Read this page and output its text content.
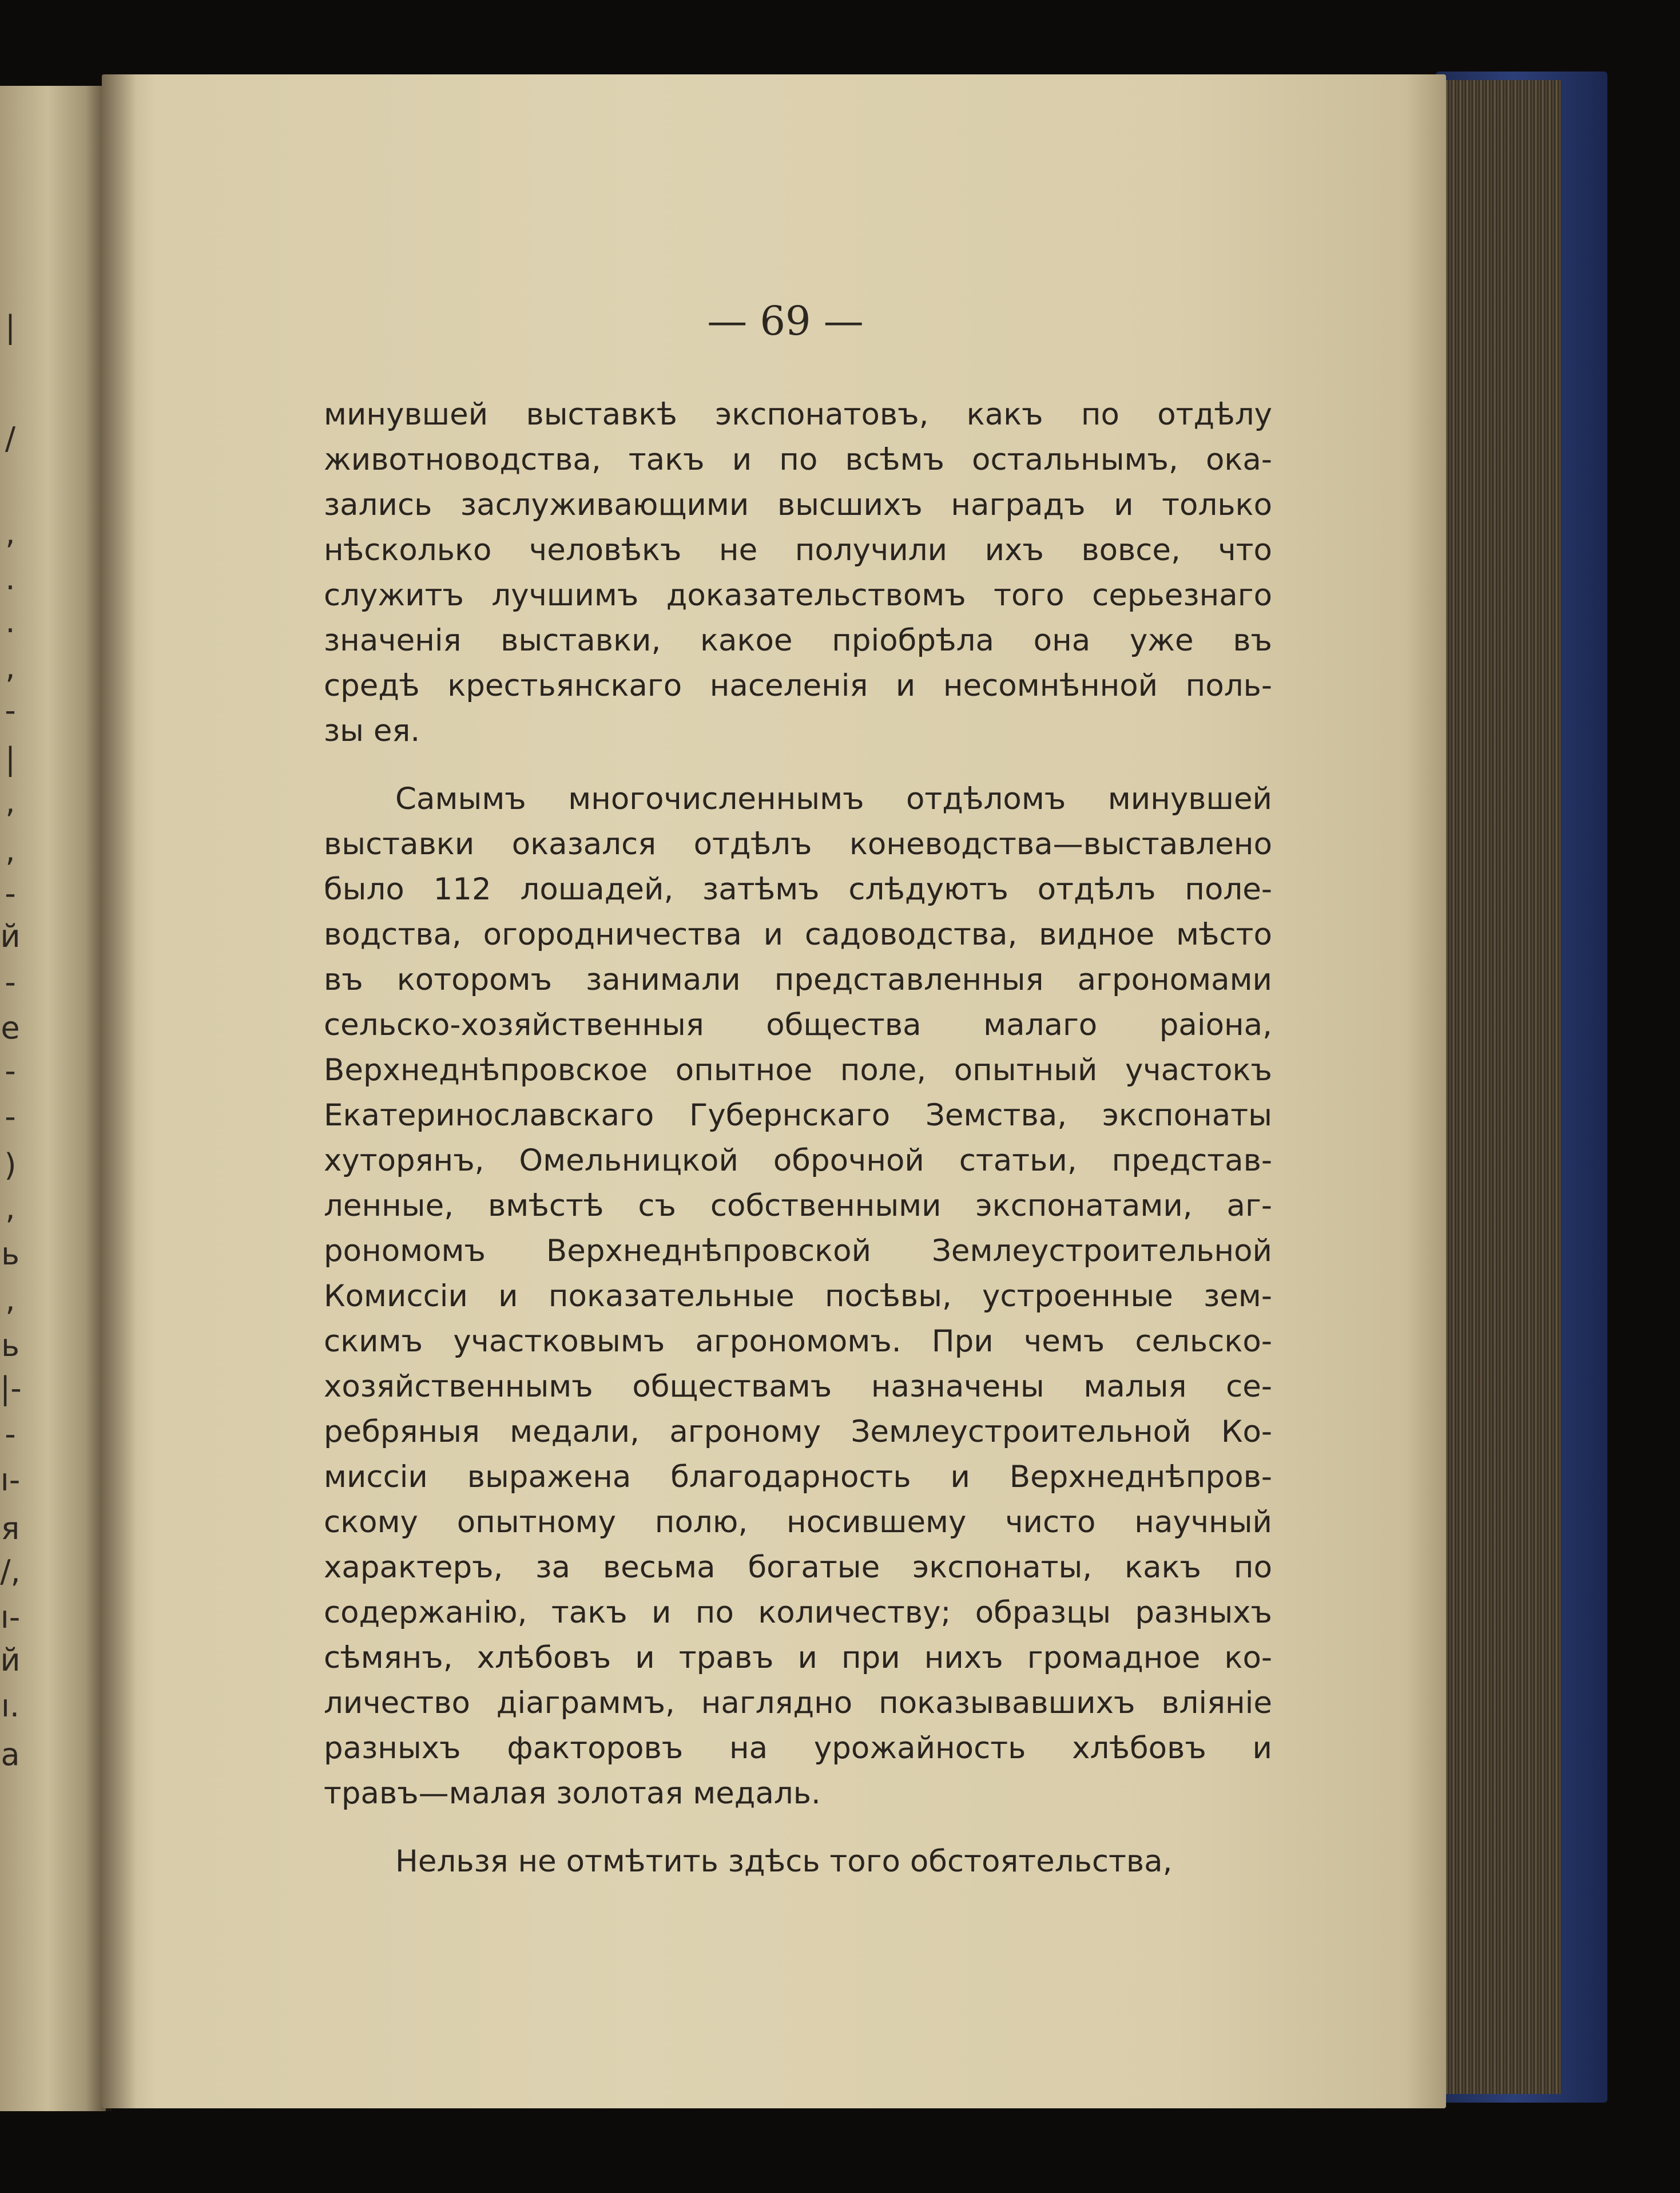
|
/
,
.
.
,
-
|
,
,
-
й
-
е
-
-
)
,
ь
,
ь
|-
-
ı-
я
/,
ı-
й
ı.
а
— 69 —
минувшей выставкѣ экспонатовъ, какъ по отдѣлу
животноводства, такъ и по всѣмъ остальнымъ, ока-
зались заслуживающими высшихъ наградъ и только
нѣсколько человѣкъ не получили ихъ вовсе, что
служитъ лучшимъ доказательствомъ того серьезнаго
значенія выставки, какое пріобрѣла она уже въ
средѣ крестьянскаго населенія и несомнѣнной поль-
зы ея.
Самымъ многочисленнымъ отдѣломъ минувшей
выставки оказался отдѣлъ коневодства—выставлено
было 112 лошадей, затѣмъ слѣдуютъ отдѣлъ поле-
водства, огородничества и садоводства, видное мѣсто
въ которомъ занимали представленныя агрономами
сельско-хозяйственныя общества малаго раіона,
Верхнеднѣпровское опытное поле, опытный участокъ
Екатеринославскаго Губернскаго Земства, экспонаты
хуторянъ, Омельницкой оброчной статьи, представ-
ленные, вмѣстѣ съ собственными экспонатами, аг-
рономомъ Верхнеднѣпровской Землеустроительной
Комиссіи и показательные посѣвы, устроенные зем-
скимъ участковымъ агрономомъ. При чемъ сельско-
хозяйственнымъ обществамъ назначены малыя се-
ребряныя медали, агроному Землеустроительной Ко-
миссіи выражена благодарность и Верхнеднѣпров-
скому опытному полю, носившему чисто научный
характеръ, за весьма богатые экспонаты, какъ по
содержанію, такъ и по количеству; образцы разныхъ
сѣмянъ, хлѣбовъ и травъ и при нихъ громадное ко-
личество діаграммъ, наглядно показывавшихъ вліяніе
разныхъ факторовъ на урожайность хлѣбовъ и
травъ—малая золотая медаль.
Нельзя не отмѣтить здѣсь того обстоятельства,
